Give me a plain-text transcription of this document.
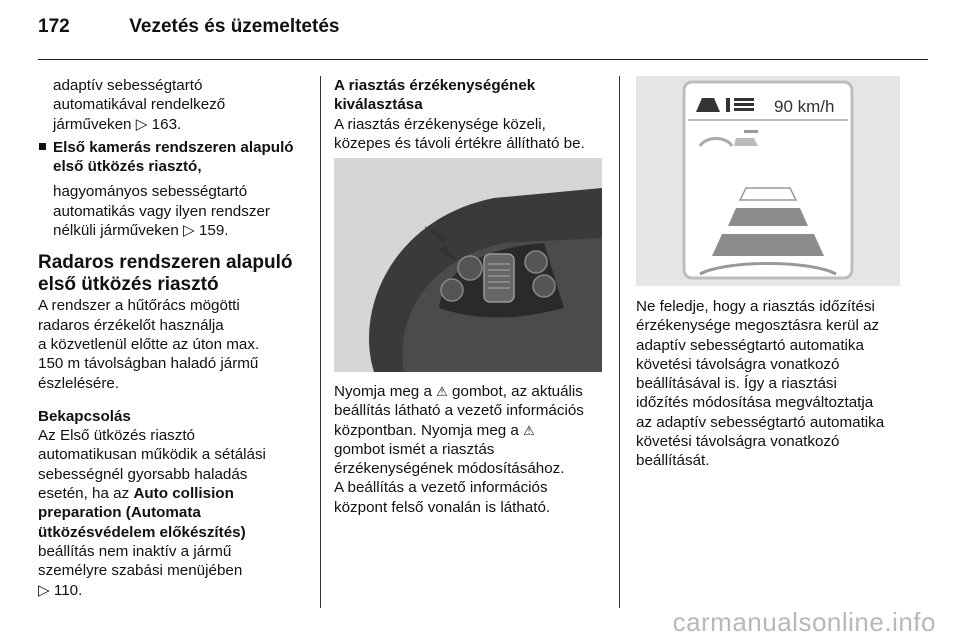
172	Vezetés és üzemeltetés

adaptív sebességtartó

automatikával rendelkező

járműveken ▷ 163.

Első kamerás rendszeren alapuló
első ütközés riasztó,

hagyományos sebességtartó

automatikás vagy ilyen rendszer

nélküli járműveken ▷ 159.

Radaros rendszeren alapuló
első ütközés riasztó

A rendszer a hűtőrács mögötti
radaros érzékelőt használja
a közvetlenül előtte az úton max.
150 m távolságban haladó jármű
észlelésére.

Bekapcsolás

Az Első ütközés riasztó
automatikusan működik a sétálási
sebességnél gyorsabb haladás
esetén, ha az Auto collision
preparation (Automata
ütközésvédelem előkészítés)
beállítás nem inaktív a jármű
személyre szabási menüjében

▷ 110.

A riasztás érzékenységének
kiválasztása

A riasztás érzékenysége közeli,

közepes és távoli értékre állítható be.

Nyomja meg a ⚠ gombot, az aktuális

beállítás látható a vezető információs

központban. Nyomja meg a ⚠

gombot ismét a riasztás

érzékenységének módosításához.

A beállítás a vezető információs

központ felső vonalán is látható.

90 km/h

Ne feledje, hogy a riasztás időzítési

érzékenysége megosztásra kerül az

adaptív sebességtartó automatika

követési távolságra vonatkozó

beállításával is. Így a riasztási

időzítés módosítása megváltoztatja

az adaptív sebességtartó automatika

követési távolságra vonatkozó

beállítását.

carmanualsonline.info
